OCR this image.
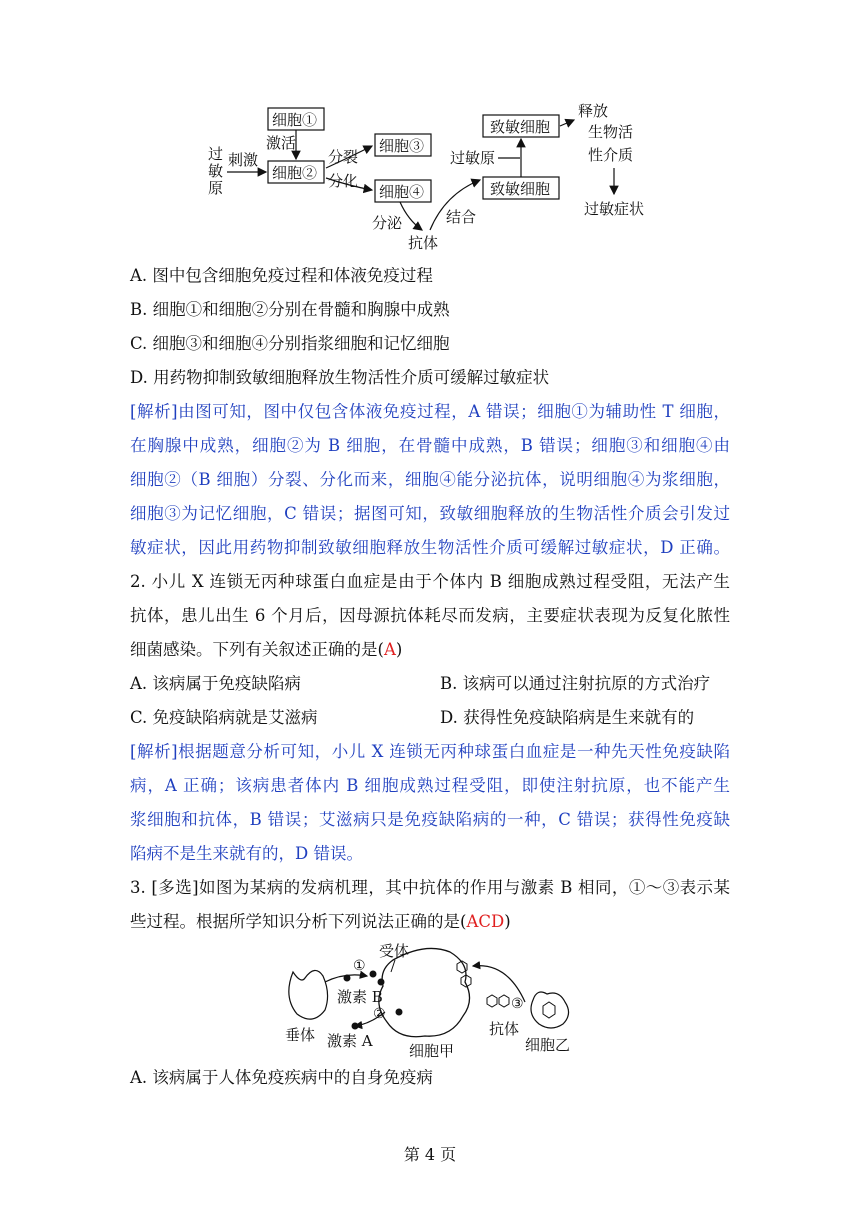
过
敏
原
刺激
细胞①
激活
细胞②
分裂
分化
细胞③
细胞④
分泌
抗体
结合
致敏细胞
致敏细胞
过敏原
释放
生物活
性介质
过敏症状
A. 图中包含细胞免疫过程和体液免疫过程
B. 细胞①和细胞②分别在骨髓和胸腺中成熟
C. 细胞③和细胞④分别指浆细胞和记忆细胞
D. 用药物抑制致敏细胞释放生物活性介质可缓解过敏症状
[解析]由图可知，图中仅包含体液免疫过程，A 错误；细胞①为辅助性 T 细胞，
在胸腺中成熟，细胞②为 B 细胞，在骨髓中成熟，B 错误；细胞③和细胞④由
细胞②（B 细胞）分裂、分化而来，细胞④能分泌抗体，说明细胞④为浆细胞，
细胞③为记忆细胞，C 错误；据图可知，致敏细胞释放的生物活性介质会引发过
敏症状，因此用药物抑制致敏细胞释放生物活性介质可缓解过敏症状，D 正确。
2. 小儿 X 连锁无丙种球蛋白血症是由于个体内 B 细胞成熟过程受阻，无法产生
抗体，患儿出生 6 个月后，因母源抗体耗尽而发病，主要症状表现为反复化脓性
细菌感染。下列有关叙述正确的是(A)
A. 该病属于免疫缺陷病	B. 该病可以通过注射抗原的方式治疗
C. 免疫缺陷病就是艾滋病	D. 获得性免疫缺陷病是生来就有的
[解析]根据题意分析可知，小儿 X 连锁无丙种球蛋白血症是一种先天性免疫缺陷
病，A 正确；该病患者体内 B 细胞成熟过程受阻，即使注射抗原，也不能产生
浆细胞和抗体，B 错误；艾滋病只是免疫缺陷病的一种，C 错误；获得性免疫缺
陷病不是生来就有的，D 错误。
3. [多选]如图为某病的发病机理，其中抗体的作用与激素 B 相同，①～③表示某
些过程。根据所学知识分析下列说法正确的是(ACD)
垂体
细胞甲
受体
①
激素 B
②
激素 A
抗体
③
细胞乙
A. 该病属于人体免疫疾病中的自身免疫病
第 4 页
